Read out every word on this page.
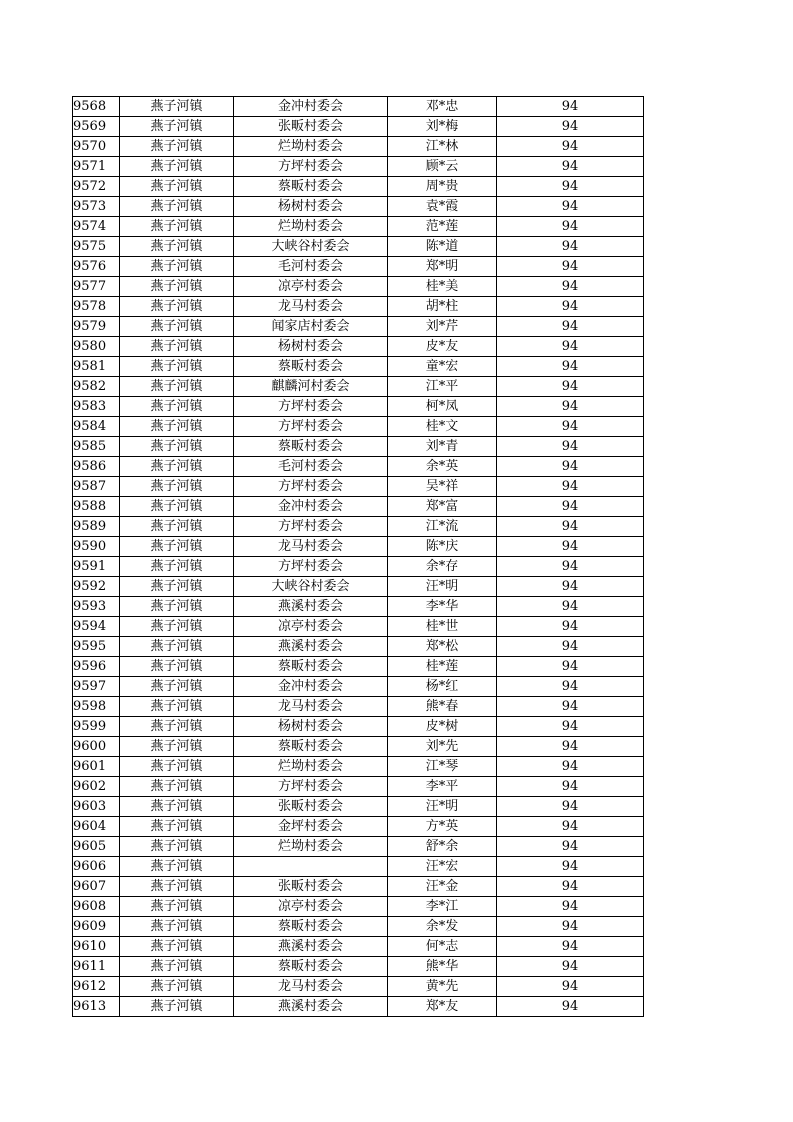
9568	燕子河镇	金冲村委会	邓*忠	94
9569	燕子河镇	张畈村委会	刘*梅	94
9570	燕子河镇	烂坳村委会	江*林	94
9571	燕子河镇	方坪村委会	顾*云	94
9572	燕子河镇	蔡畈村委会	周*贵	94
9573	燕子河镇	杨树村委会	袁*霞	94
9574	燕子河镇	烂坳村委会	范*莲	94
9575	燕子河镇	大峡谷村委会	陈*道	94
9576	燕子河镇	毛河村委会	郑*明	94
9577	燕子河镇	凉亭村委会	桂*美	94
9578	燕子河镇	龙马村委会	胡*柱	94
9579	燕子河镇	闻家店村委会	刘*芹	94
9580	燕子河镇	杨树村委会	皮*友	94
9581	燕子河镇	蔡畈村委会	童*宏	94
9582	燕子河镇	麒麟河村委会	江*平	94
9583	燕子河镇	方坪村委会	柯*凤	94
9584	燕子河镇	方坪村委会	桂*文	94
9585	燕子河镇	蔡畈村委会	刘*青	94
9586	燕子河镇	毛河村委会	余*英	94
9587	燕子河镇	方坪村委会	吴*祥	94
9588	燕子河镇	金冲村委会	郑*富	94
9589	燕子河镇	方坪村委会	江*流	94
9590	燕子河镇	龙马村委会	陈*庆	94
9591	燕子河镇	方坪村委会	余*存	94
9592	燕子河镇	大峡谷村委会	汪*明	94
9593	燕子河镇	燕溪村委会	李*华	94
9594	燕子河镇	凉亭村委会	桂*世	94
9595	燕子河镇	燕溪村委会	郑*松	94
9596	燕子河镇	蔡畈村委会	桂*莲	94
9597	燕子河镇	金冲村委会	杨*红	94
9598	燕子河镇	龙马村委会	熊*春	94
9599	燕子河镇	杨树村委会	皮*树	94
9600	燕子河镇	蔡畈村委会	刘*先	94
9601	燕子河镇	烂坳村委会	江*琴	94
9602	燕子河镇	方坪村委会	李*平	94
9603	燕子河镇	张畈村委会	汪*明	94
9604	燕子河镇	金坪村委会	方*英	94
9605	燕子河镇	烂坳村委会	舒*余	94
9606	燕子河镇		汪*宏	94
9607	燕子河镇	张畈村委会	汪*金	94
9608	燕子河镇	凉亭村委会	李*江	94
9609	燕子河镇	蔡畈村委会	余*发	94
9610	燕子河镇	燕溪村委会	何*志	94
9611	燕子河镇	蔡畈村委会	熊*华	94
9612	燕子河镇	龙马村委会	黄*先	94
9613	燕子河镇	燕溪村委会	郑*友	94
